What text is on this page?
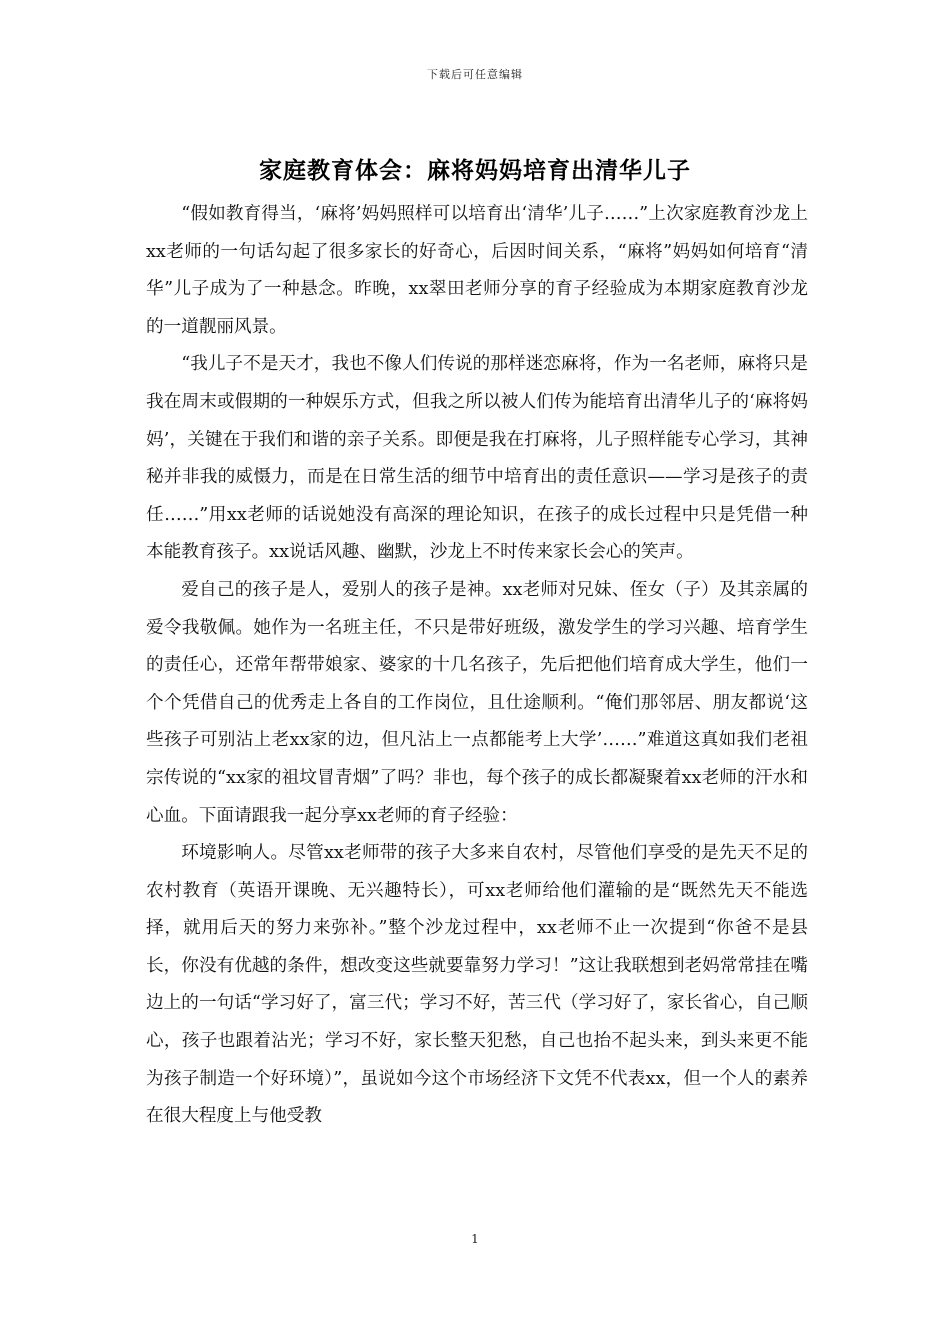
下载后可任意编辑
家庭教育体会：麻将妈妈培育出清华儿子

“假如教育得当，‘麻将’妈妈照样可以培育出‘清华’儿子……”上次家庭教育沙龙上xx老师的一句话勾起了很多家长的好奇心，后因时间关系，“麻将”妈妈如何培育“清华”儿子成为了一种悬念。昨晚，xx翠田老师分享的育子经验成为本期家庭教育沙龙的一道靓丽风景。

“我儿子不是天才，我也不像人们传说的那样迷恋麻将，作为一名老师，麻将只是我在周末或假期的一种娱乐方式，但我之所以被人们传为能培育出清华儿子的‘麻将妈妈’，关键在于我们和谐的亲子关系。即便是我在打麻将，儿子照样能专心学习，其神秘并非我的威慑力，而是在日常生活的细节中培育出的责任意识——学习是孩子的责任……”用xx老师的话说她没有高深的理论知识，在孩子的成长过程中只是凭借一种本能教育孩子。xx说话风趣、幽默，沙龙上不时传来家长会心的笑声。

爱自己的孩子是人，爱别人的孩子是神。xx老师对兄妹、侄女（子）及其亲属的爱令我敬佩。她作为一名班主任，不只是带好班级，激发学生的学习兴趣、培育学生的责任心，还常年帮带娘家、婆家的十几名孩子，先后把他们培育成大学生，他们一个个凭借自己的优秀走上各自的工作岗位，且仕途顺利。“俺们那邻居、朋友都说‘这些孩子可别沾上老xx家的边，但凡沾上一点都能考上大学’……”难道这真如我们老祖宗传说的“xx家的祖坟冒青烟”了吗？非也，每个孩子的成长都凝聚着xx老师的汗水和心血。下面请跟我一起分享xx老师的育子经验：

环境影响人。尽管xx老师带的孩子大多来自农村，尽管他们享受的是先天不足的农村教育（英语开课晚、无兴趣特长），可xx老师给他们灌输的是“既然先天不能选择，就用后天的努力来弥补。”整个沙龙过程中，xx老师不止一次提到“你爸不是县长，你没有优越的条件，想改变这些就要靠努力学习！”这让我联想到老妈常常挂在嘴边上的一句话“学习好了，富三代；学习不好，苦三代（学习好了，家长省心，自己顺心，孩子也跟着沾光；学习不好，家长整天犯愁，自己也抬不起头来，到头来更不能为孩子制造一个好环境）”，虽说如今这个市场经济下文凭不代表xx，但一个人的素养在很大程度上与他受教

1
